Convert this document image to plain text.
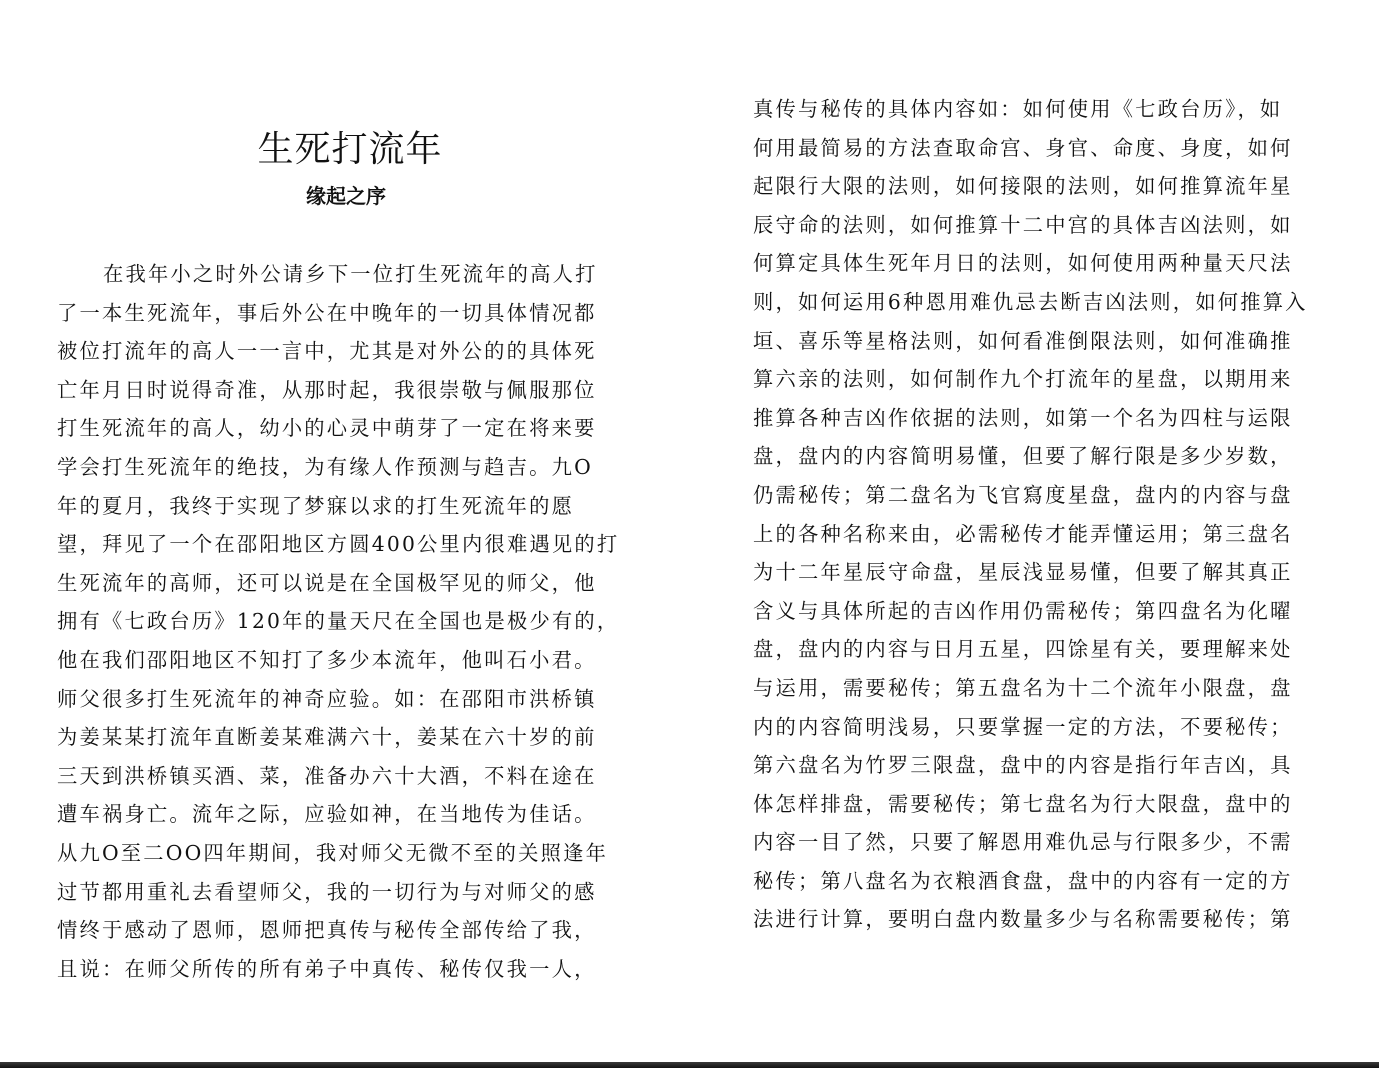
生死打流年
缘起之序
在我年小之时外公请乡下一位打生死流年的高人打
了一本生死流年，事后外公在中晚年的一切具体情况都
被位打流年的高人一一言中，尤其是对外公的的具体死
亡年月日时说得奇准，从那时起，我很崇敬与佩服那位
打生死流年的高人，幼小的心灵中萌芽了一定在将来要
学会打生死流年的绝技，为有缘人作预测与趋吉。九O
年的夏月，我终于实现了梦寐以求的打生死流年的愿
望，拜见了一个在邵阳地区方圆400公里内很难遇见的打
生死流年的高师，还可以说是在全国极罕见的师父，他
拥有《七政台历》120年的量天尺在全国也是极少有的，
他在我们邵阳地区不知打了多少本流年，他叫石小君。
师父很多打生死流年的神奇应验。如：在邵阳市洪桥镇
为姜某某打流年直断姜某难满六十，姜某在六十岁的前
三天到洪桥镇买酒、菜，准备办六十大酒，不料在途在
遭车祸身亡。流年之际，应验如神，在当地传为佳话。
从九O至二OO四年期间，我对师父无微不至的关照逢年
过节都用重礼去看望师父，我的一切行为与对师父的感
情终于感动了恩师，恩师把真传与秘传全部传给了我，
且说：在师父所传的所有弟子中真传、秘传仅我一人，
真传与秘传的具体内容如：如何使用《七政台历》，如
何用最简易的方法查取命宫、身官、命度、身度，如何
起限行大限的法则，如何接限的法则，如何推算流年星
辰守命的法则，如何推算十二中宫的具体吉凶法则，如
何算定具体生死年月日的法则，如何使用两种量天尺法
则，如何运用6种恩用难仇忌去断吉凶法则，如何推算入
垣、喜乐等星格法则，如何看准倒限法则，如何准确推
算六亲的法则，如何制作九个打流年的星盘，以期用来
推算各种吉凶作依据的法则，如第一个名为四柱与运限
盘，盘内的内容简明易懂，但要了解行限是多少岁数，
仍需秘传；第二盘名为飞官寫度星盘，盘内的内容与盘
上的各种名称来由，必需秘传才能弄懂运用；第三盘名
为十二年星辰守命盘，星辰浅显易懂，但要了解其真正
含义与具体所起的吉凶作用仍需秘传；第四盘名为化曜
盘，盘内的内容与日月五星，四馀星有关，要理解来处
与运用，需要秘传；第五盘名为十二个流年小限盘，盘
内的内容简明浅易，只要掌握一定的方法，不要秘传；
第六盘名为竹罗三限盘，盘中的内容是指行年吉凶，具
体怎样排盘，需要秘传；第七盘名为行大限盘，盘中的
内容一目了然，只要了解恩用难仇忌与行限多少，不需
秘传；第八盘名为衣粮酒食盘，盘中的内容有一定的方
法进行计算，要明白盘内数量多少与名称需要秘传；第
